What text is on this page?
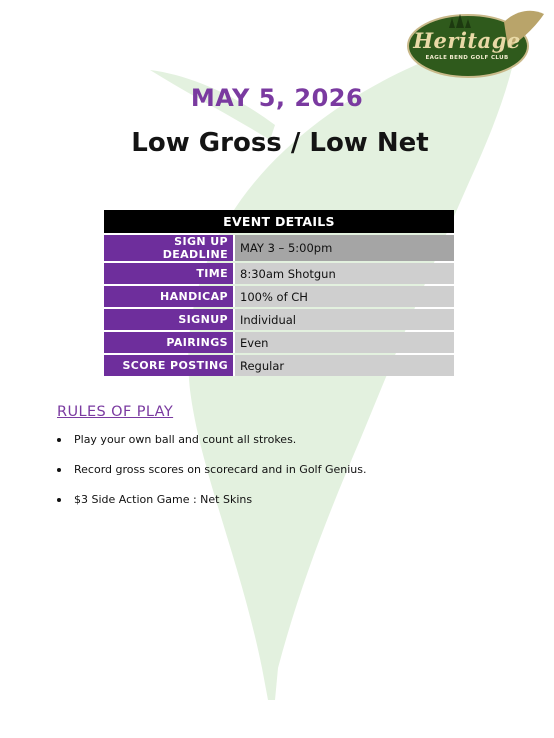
Heritage
EAGLE BEND GOLF CLUB
MAY 5, 2026
Low Gross / Low Net
EVENT DETAILS	
SIGN UP DEADLINE	MAY 3 – 5:00pm
TIME	8:30am Shotgun
HANDICAP	100% of CH
SIGNUP	Individual
PAIRINGS	Even
SCORE POSTING	Regular
RULES OF PLAY
Play your own ball and count all strokes.
Record gross scores on scorecard and in Golf Genius.
$3 Side Action Game : Net Skins
